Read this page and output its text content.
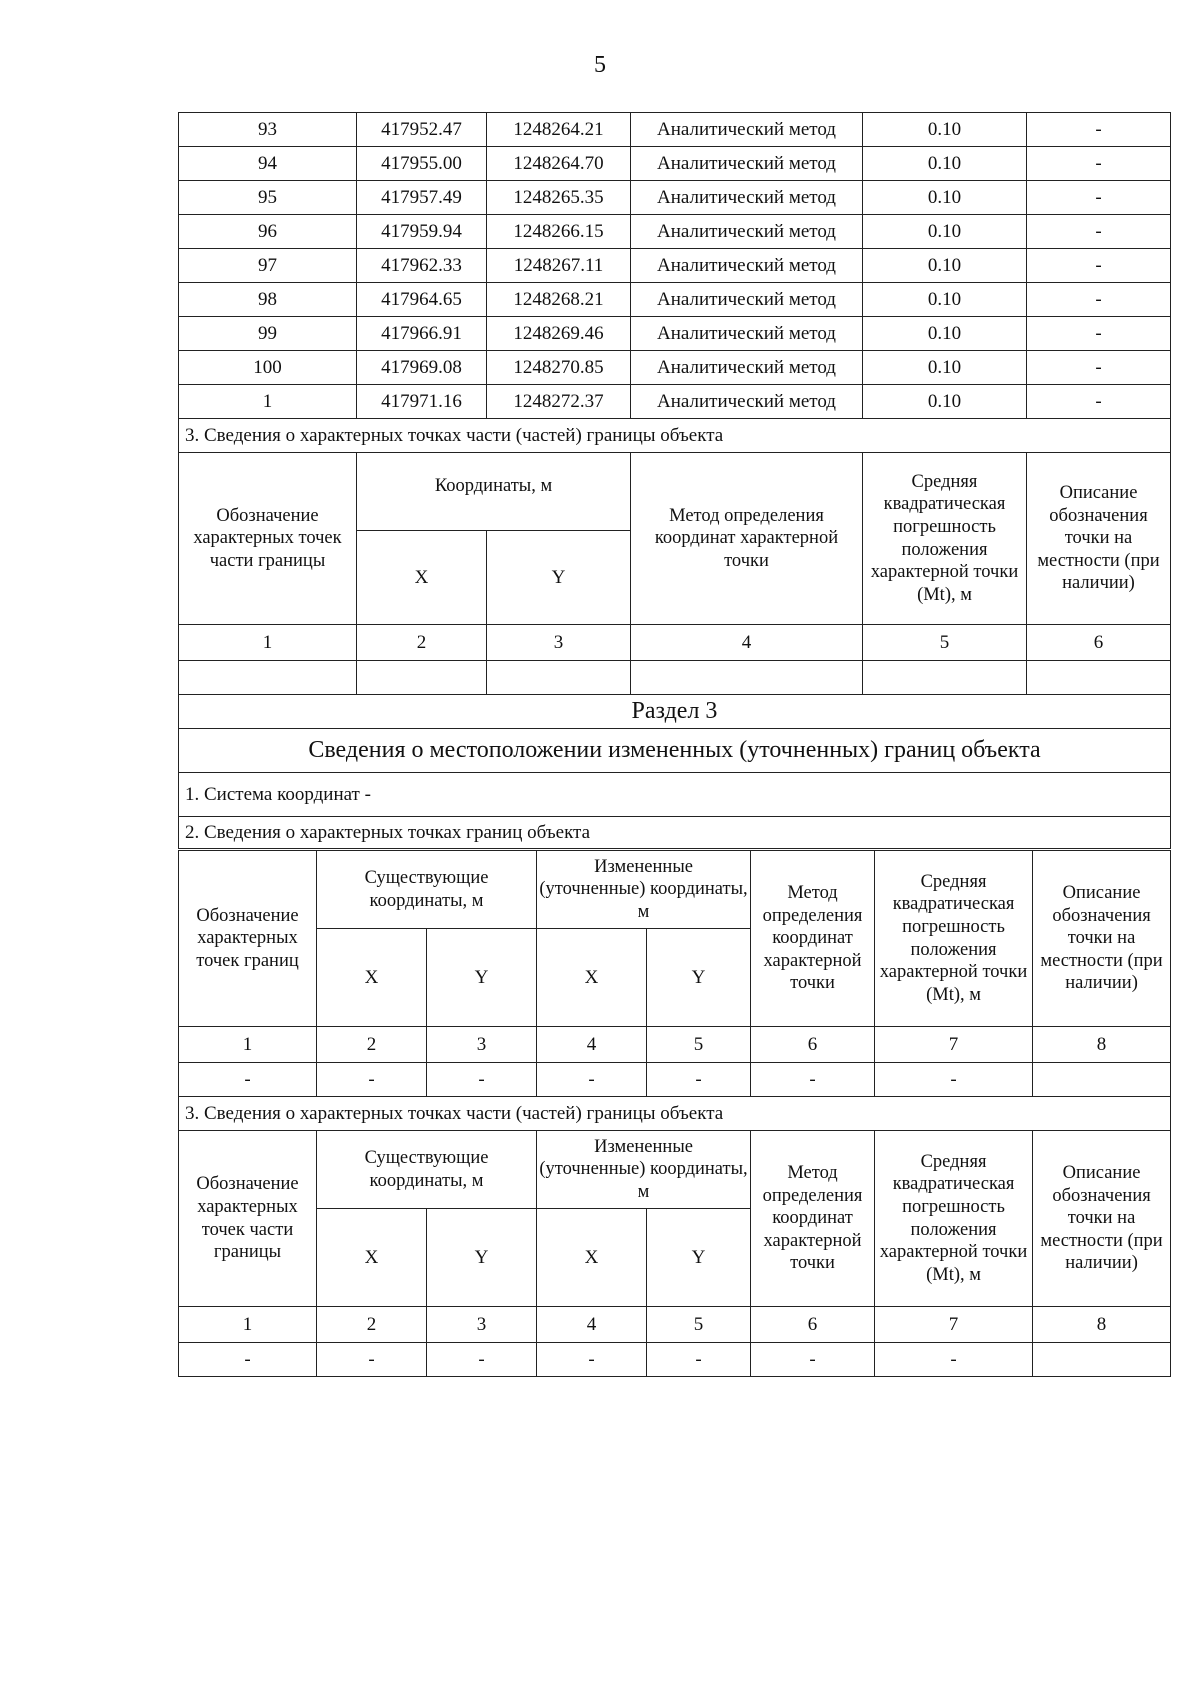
5
93	417952.47	1248264.21	Аналитический метод	0.10	-
94	417955.00	1248264.70	Аналитический метод	0.10	-
95	417957.49	1248265.35	Аналитический метод	0.10	-
96	417959.94	1248266.15	Аналитический метод	0.10	-
97	417962.33	1248267.11	Аналитический метод	0.10	-
98	417964.65	1248268.21	Аналитический метод	0.10	-
99	417966.91	1248269.46	Аналитический метод	0.10	-
100	417969.08	1248270.85	Аналитический метод	0.10	-
1	417971.16	1248272.37	Аналитический метод	0.10	-
3. Сведения о характерных точках части (частей) границы объекта					
Обозначение характерных точек части границы	Координаты, м		Метод определения координат характерной точки	Средняя квадратическая погрешность положения характерной точки (Mt), м	Описание обозначения точки на местности (при наличии)
	X	Y			
1	2	3	4	5	6

Раздел 3					
Сведения о местоположении измененных (уточненных) границ объекта					
1. Система координат -					
2. Сведения о характерных точках границ объекта					
Обозначение характерных точек границ	Существующие координаты, м		Измененные (уточненные) координаты, м		Метод определения координат характерной точки	Средняя квадратическая погрешность положения характерной точки (Mt), м	Описание обозначения точки на местности (при наличии)
	X	Y	X	Y			
1	2	3	4	5	6	7	8
-	-	-	-	-	-	-	
3. Сведения о характерных точках части (частей) границы объекта							
Обозначение характерных точек части границы	Существующие координаты, м		Измененные (уточненные) координаты, м		Метод определения координат характерной точки	Средняя квадратическая погрешность положения характерной точки (Mt), м	Описание обозначения точки на местности (при наличии)
	X	Y	X	Y			
1	2	3	4	5	6	7	8
-	-	-	-	-	-	-	
